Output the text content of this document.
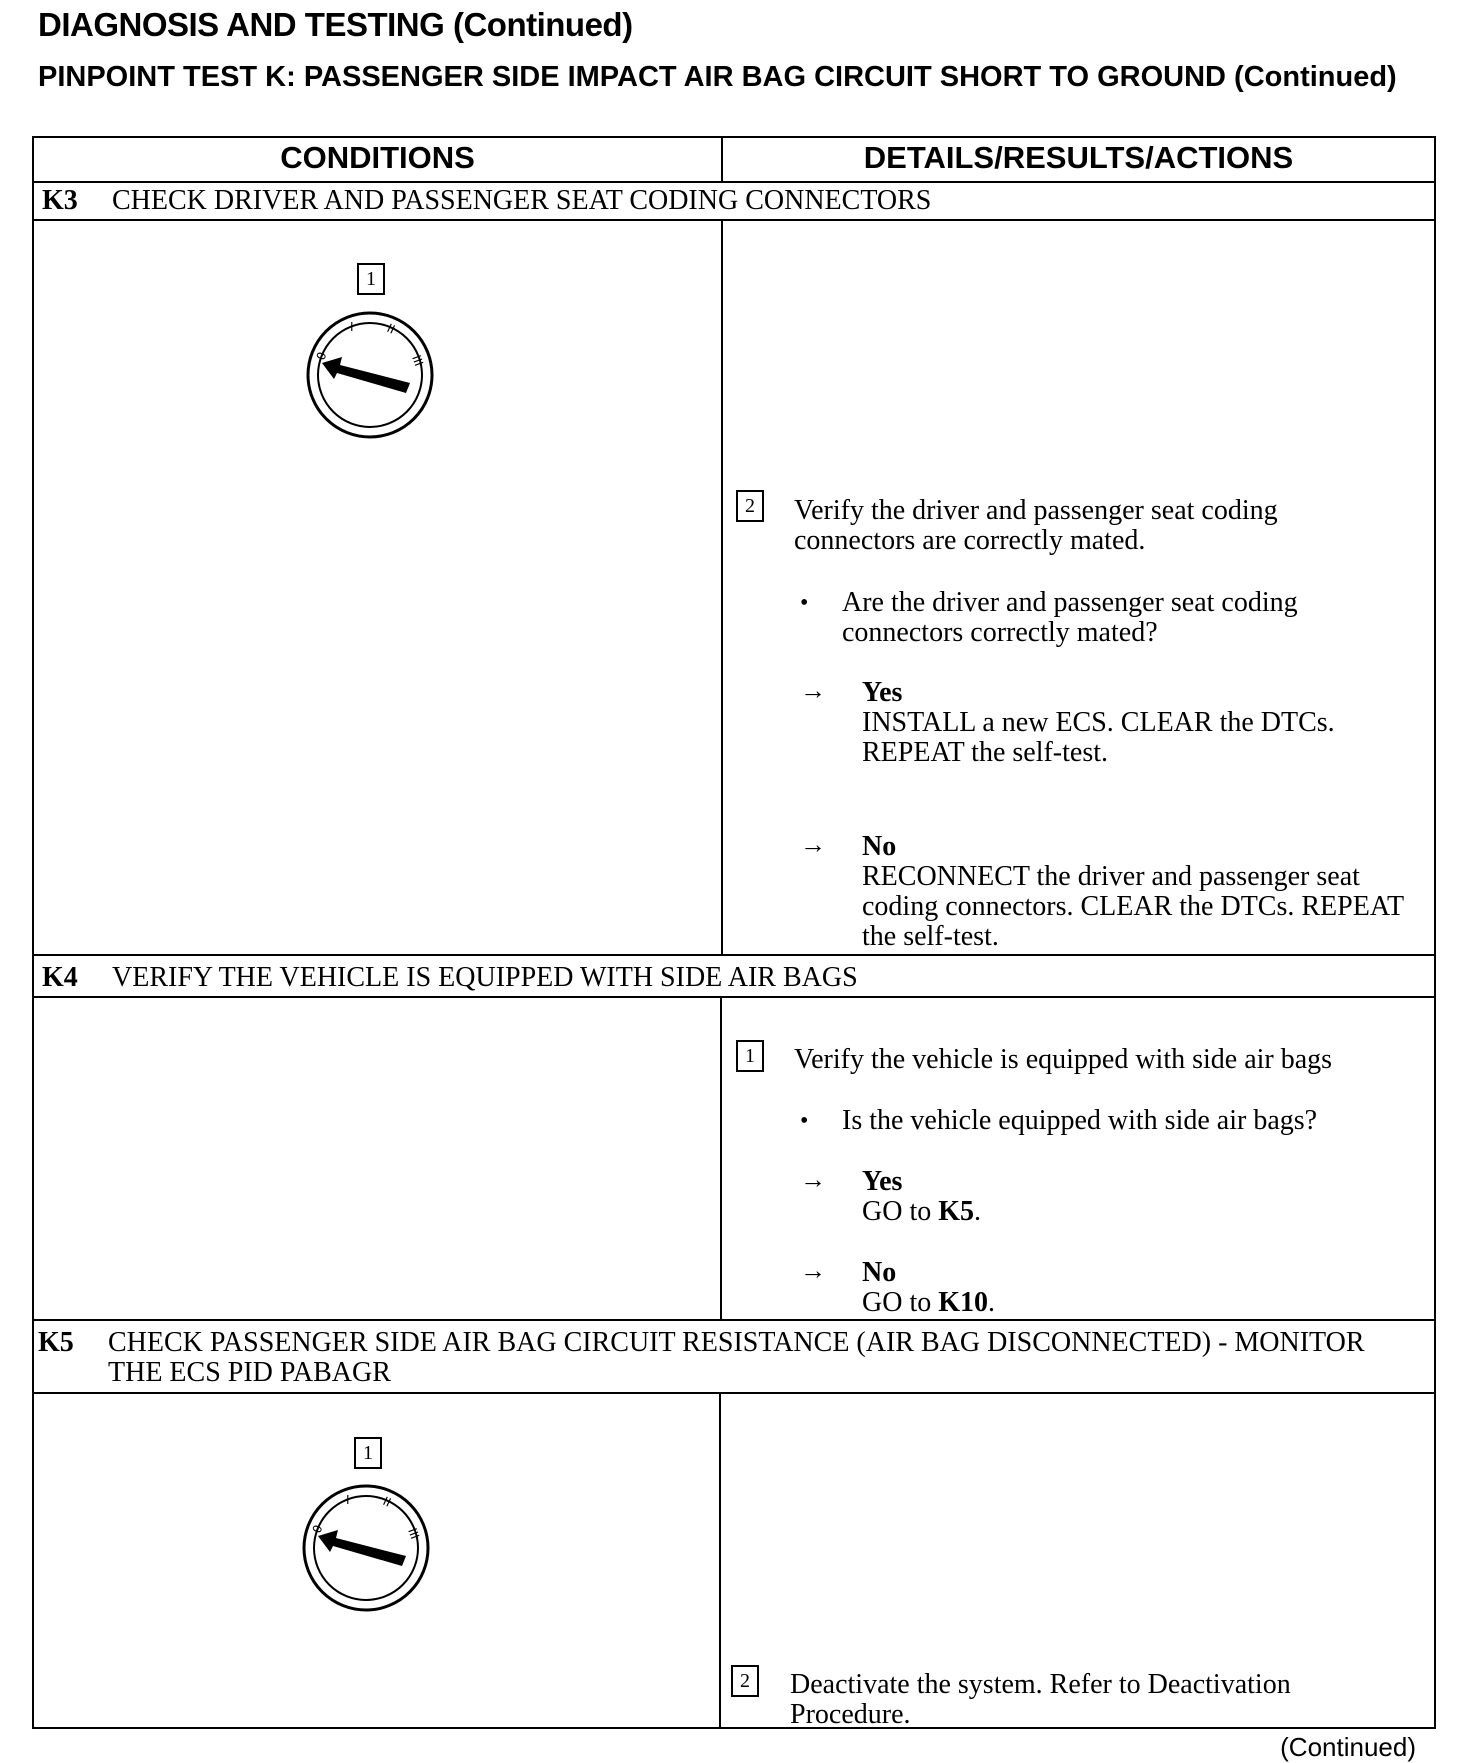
DIAGNOSIS AND TESTING (Continued)
PINPOINT TEST K: PASSENGER SIDE IMPACT AIR BAG CIRCUIT SHORT TO GROUND (Continued)
CONDITIONS	DETAILS/RESULTS/ACTIONS
K3 CHECK DRIVER AND PASSENGER SEAT CODING CONNECTORS
1
0
I	II
III
2	Verify the driver and passenger seat coding connectors are correctly mated.
• Are the driver and passenger seat coding connectors correctly mated?
→ Yes
INSTALL a new ECS. CLEAR the DTCs. REPEAT the self-test.
→ No
RECONNECT the driver and passenger seat coding connectors. CLEAR the DTCs. REPEAT the self-test.
K4 VERIFY THE VEHICLE IS EQUIPPED WITH SIDE AIR BAGS
1	Verify the vehicle is equipped with side air bags
• Is the vehicle equipped with side air bags?
→ Yes
GO to K5.
→ No
GO to K10.
K5 CHECK PASSENGER SIDE AIR BAG CIRCUIT RESISTANCE (AIR BAG DISCONNECTED) - MONITOR THE ECS PID PABAGR
1
0
I	II
III
2	Deactivate the system. Refer to Deactivation Procedure.
(Continued)
